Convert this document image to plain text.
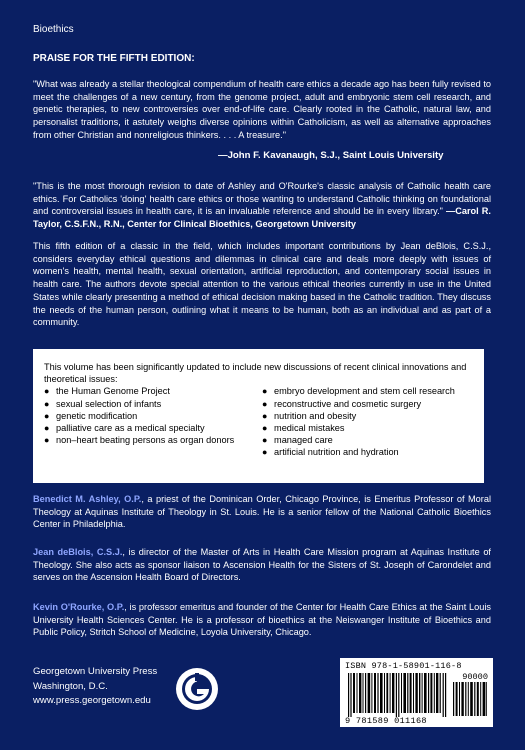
Bioethics
PRAISE FOR THE FIFTH EDITION:
"What was already a stellar theological compendium of health care ethics a decade ago has been fully revised to meet the challenges of a new century, from the genome project, adult and embryonic stem cell research, and genetic therapies, to new controversies over end-of-life care. Clearly rooted in the Catholic, natural law, and personalist traditions, it astutely weighs diverse opinions within Catholicism, as well as alternative approaches from other Christian and nonreligious thinkers. . . . A treasure."
—John F. Kavanaugh, S.J., Saint Louis University
"This is the most thorough revision to date of Ashley and O'Rourke's classic analysis of Catholic health care ethics. For Catholics 'doing' health care ethics or those wanting to understand Catholic thinking on foundational and controversial issues in health care, it is an invaluable reference and should be in every library." —Carol R. Taylor, C.S.F.N., R.N., Center for Clinical Bioethics, Georgetown University
This fifth edition of a classic in the field, which includes important contributions by Jean deBlois, C.S.J., considers everyday ethical questions and dilemmas in clinical care and deals more deeply with issues of women's health, mental health, sexual orientation, artificial reproduction, and contemporary social issues in health care. The authors devote special attention to the various ethical theories currently in use in the United States while clearly presenting a method of ethical decision making based in the Catholic tradition. They discuss the needs of the human person, outlining what it means to be human, both as an individual and as part of a community.
This volume has been significantly updated to include new discussions of recent clinical innovations and theoretical issues:
● the Human Genome Project
● sexual selection of infants
● genetic modification
● palliative care as a medical specialty
● non–heart beating persons as organ donors
● embryo development and stem cell research
● reconstructive and cosmetic surgery
● nutrition and obesity
● medical mistakes
● managed care
● artificial nutrition and hydration
Benedict M. Ashley, O.P., a priest of the Dominican Order, Chicago Province, is Emeritus Professor of Moral Theology at Aquinas Institute of Theology in St. Louis. He is a senior fellow of the National Catholic Bioethics Center in Philadelphia.
Jean deBlois, C.S.J., is director of the Master of Arts in Health Care Mission program at Aquinas Institute of Theology. She also acts as sponsor liaison to Ascension Health for the Sisters of St. Joseph of Carondelet and serves on the Ascension Health Board of Directors.
Kevin O'Rourke, O.P., is professor emeritus and founder of the Center for Health Care Ethics at the Saint Louis University Health Sciences Center. He is a professor of bioethics at the Neiswanger Institute of Bioethics and Public Policy, Stritch School of Medicine, Loyola University, Chicago.
Georgetown University Press
Washington, D.C.
www.press.georgetown.edu
ISBN 978-1-58901-116-8
90000
9 781589 011168
